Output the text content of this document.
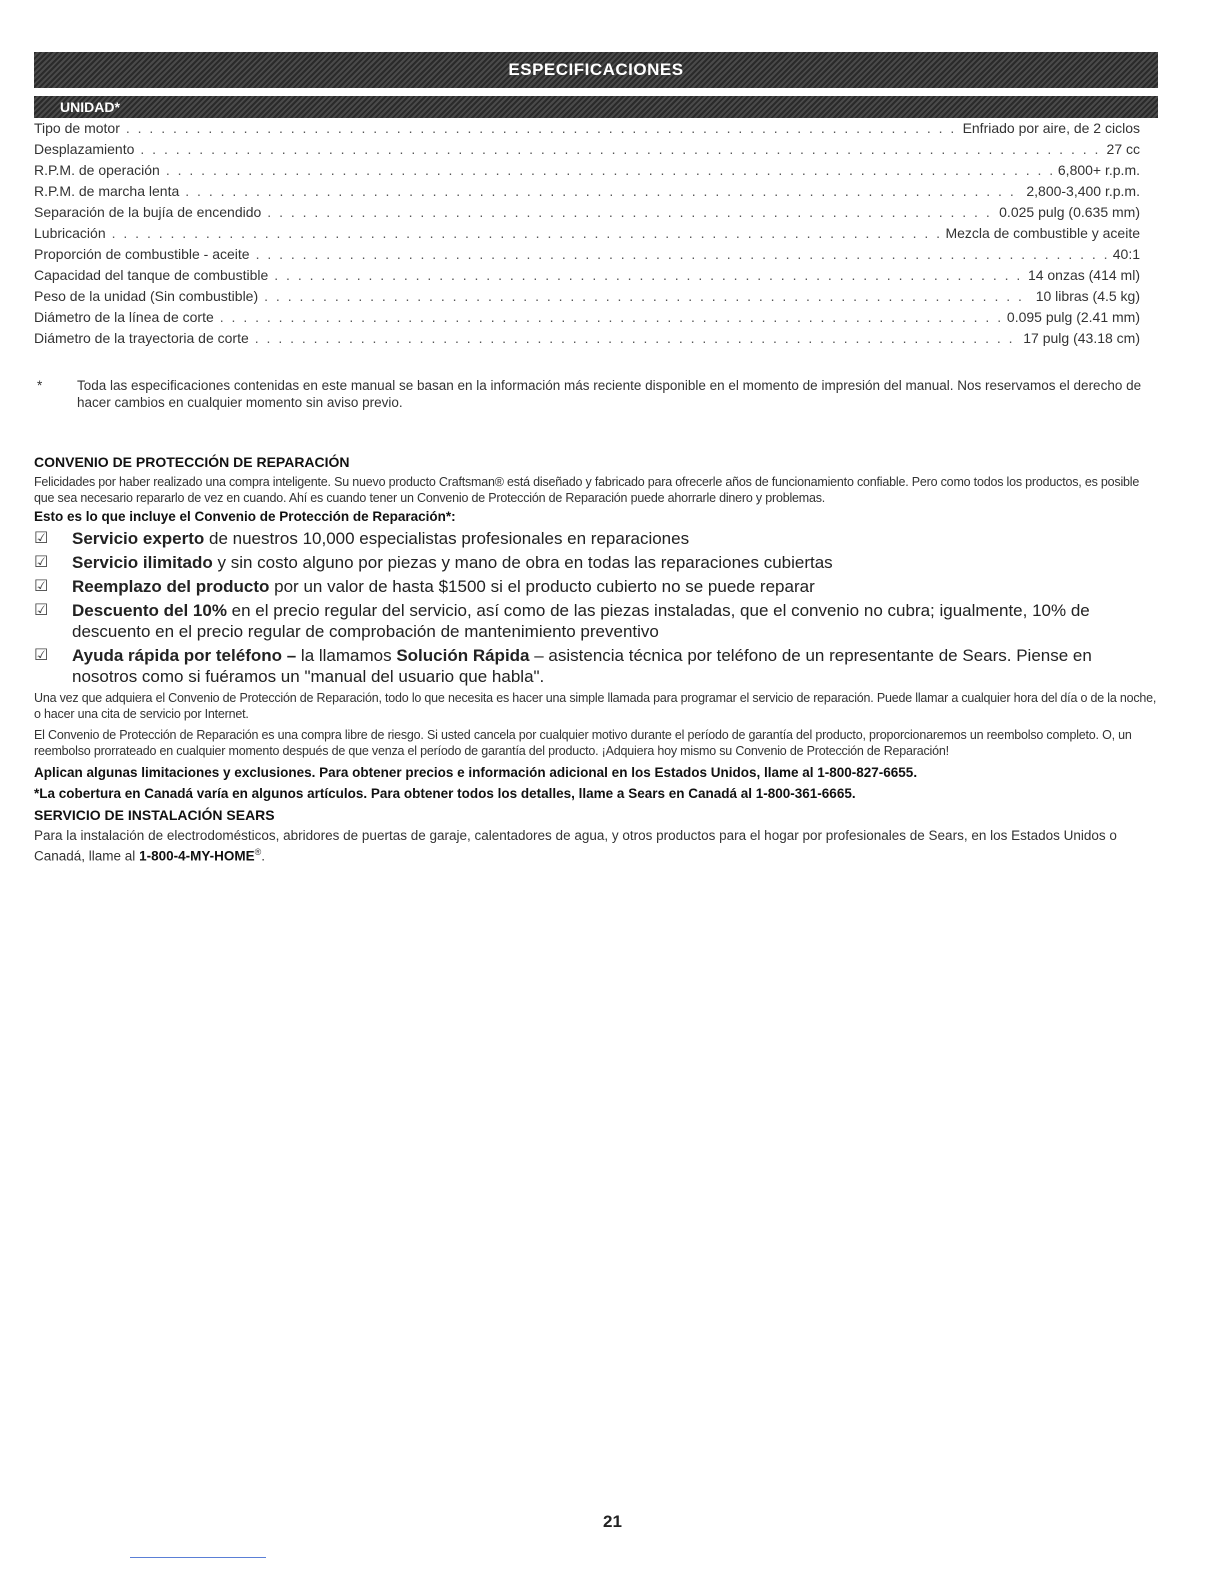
ESPECIFICACIONES
UNIDAD*
Tipo de motor . . .	Enfriado por aire, de 2 ciclos
Desplazamiento . . .	27 cc
R.P.M. de operación . . .	6,800+ r.p.m.
R.P.M. de marcha lenta . . .	2,800-3,400 r.p.m.
Separación de la bujía de encendido . . .	0.025 pulg (0.635 mm)
Lubricación . . .	Mezcla de combustible y aceite
Proporción de combustible - aceite . . .	40:1
Capacidad del tanque de combustible . . .	14 onzas (414 ml)
Peso de la unidad (Sin combustible) . . .	10 libras (4.5 kg)
Diámetro de la línea de corte . . .	0.095 pulg (2.41 mm)
Diámetro de la trayectoria de corte . . .	17 pulg (43.18 cm)
*	Toda las especificaciones contenidas en este manual se basan en la información más reciente disponible en el momento de impresión del manual. Nos reservamos el derecho de hacer cambios en cualquier momento sin aviso previo.
CONVENIO DE PROTECCIÓN DE REPARACIÓN
Felicidades por haber realizado una compra inteligente. Su nuevo producto Craftsman® está diseñado y fabricado para ofrecerle años de funcionamiento confiable. Pero como todos los productos, es posible que sea necesario repararlo de vez en cuando. Ahí es cuando tener un Convenio de Protección de Reparación puede ahorrarle dinero y problemas.
Esto es lo que incluye el Convenio de Protección de Reparación*:
☑	Servicio experto de nuestros 10,000 especialistas profesionales en reparaciones
☑	Servicio ilimitado y sin costo alguno por piezas y mano de obra en todas las reparaciones cubiertas
☑	Reemplazo del producto por un valor de hasta $1500 si el producto cubierto no se puede reparar
☑	Descuento del 10% en el precio regular del servicio, así como de las piezas instaladas, que el convenio no cubra; igualmente, 10% de descuento en el precio regular de comprobación de mantenimiento preventivo
☑	Ayuda rápida por teléfono – la llamamos Solución Rápida – asistencia técnica por teléfono de un representante de Sears. Piense en nosotros como si fuéramos un "manual del usuario que habla".
Una vez que adquiera el Convenio de Protección de Reparación, todo lo que necesita es hacer una simple llamada para programar el servicio de reparación. Puede llamar a cualquier hora del día o de la noche, o hacer una cita de servicio por Internet.
El Convenio de Protección de Reparación es una compra libre de riesgo. Si usted cancela por cualquier motivo durante el período de garantía del producto, proporcionaremos un reembolso completo. O, un reembolso prorrateado en cualquier momento después de que venza el período de garantía del producto. ¡Adquiera hoy mismo su Convenio de Protección de Reparación!
Aplican algunas limitaciones y exclusiones. Para obtener precios e información adicional en los Estados Unidos, llame al 1-800-827-6655.
*La cobertura en Canadá varía en algunos artículos. Para obtener todos los detalles, llame a Sears en Canadá al 1-800-361-6665.
SERVICIO DE INSTALACIÓN SEARS
Para la instalación de electrodomésticos, abridores de puertas de garaje, calentadores de agua, y otros productos para el hogar por profesionales de Sears, en los Estados Unidos o Canadá, llame al 1-800-4-MY-HOME®.
21
